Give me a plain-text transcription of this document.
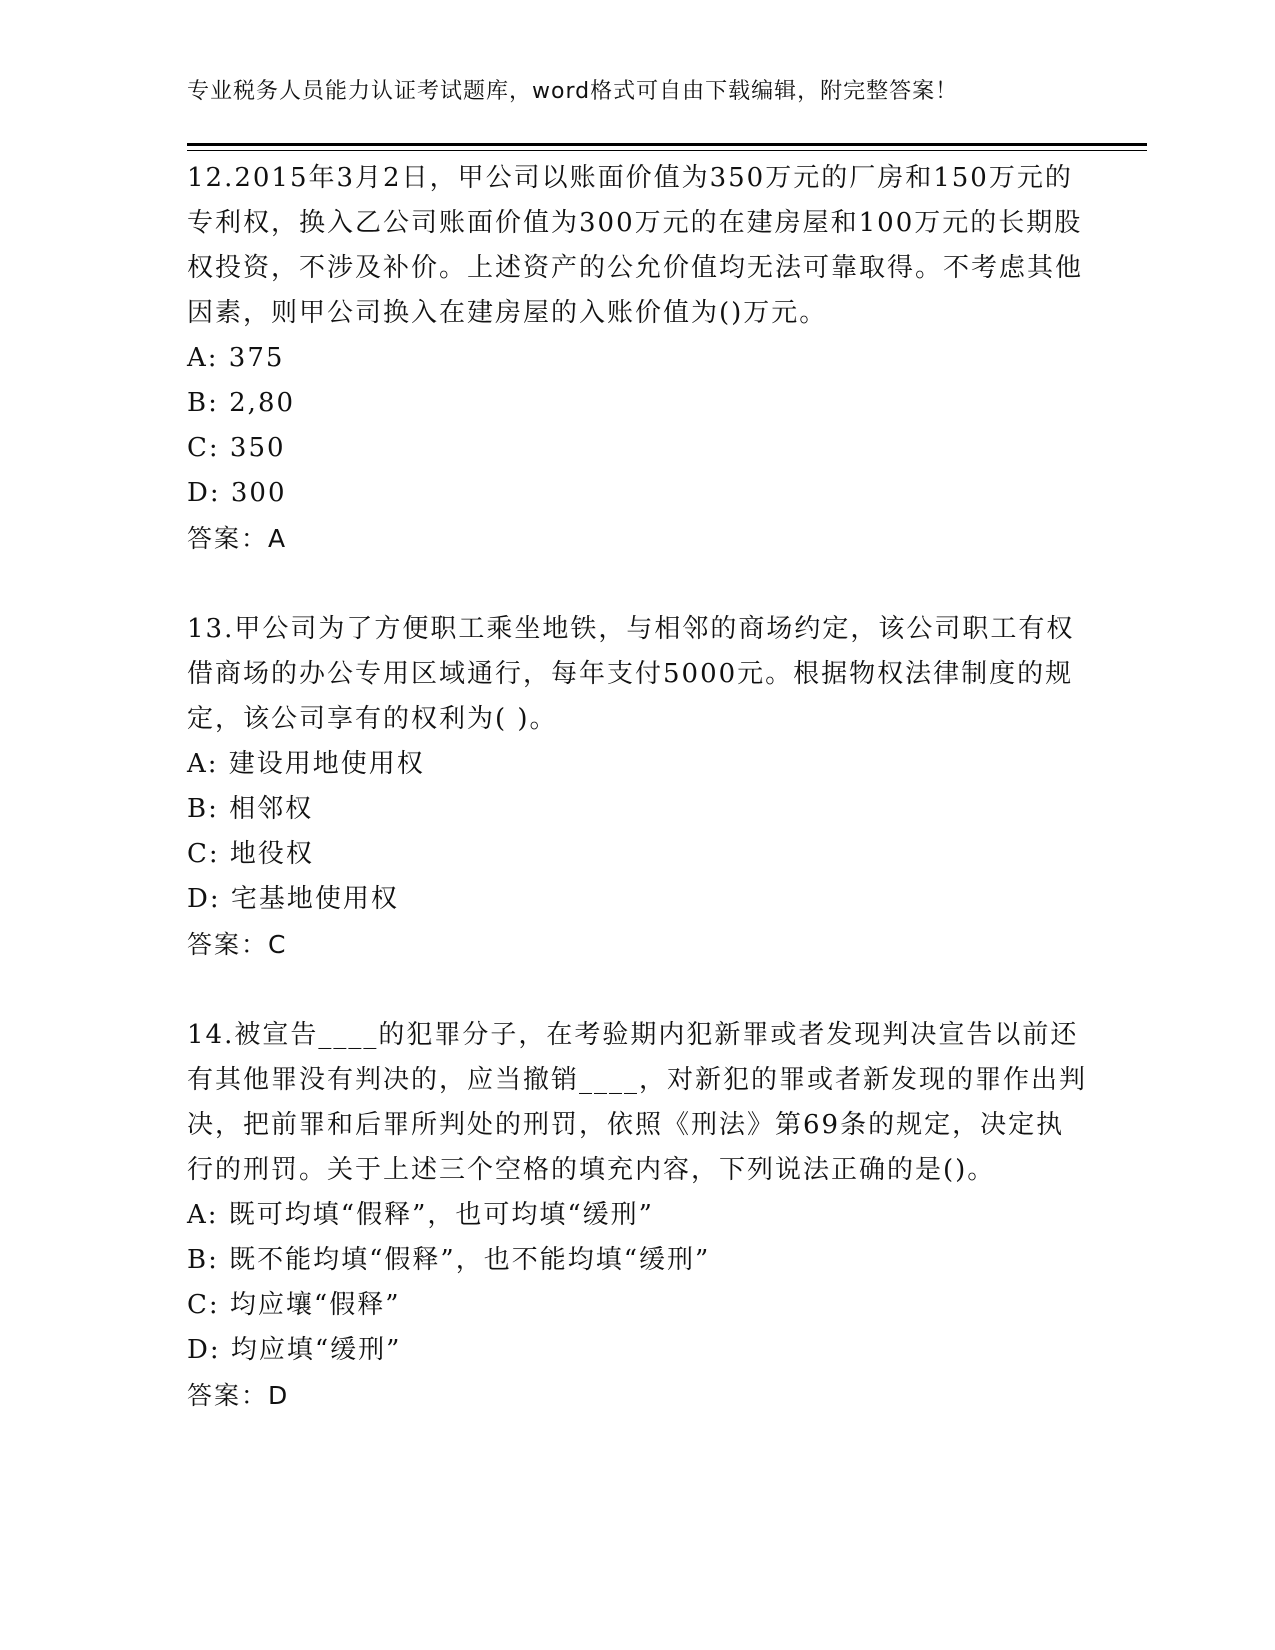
专业税务人员能力认证考试题库，word格式可自由下载编辑，附完整答案！

12.2015年3月2日，甲公司以账面价值为350万元的厂房和150万元的专利权，换入乙公司账面价值为300万元的在建房屋和100万元的长期股权投资，不涉及补价。上述资产的公允价值均无法可靠取得。不考虑其他因素，则甲公司换入在建房屋的入账价值为()万元。

A: 375

B: 2,80

C: 350

D: 300

答案：A

13.甲公司为了方便职工乘坐地铁，与相邻的商场约定，该公司职工有权借商场的办公专用区域通行，每年支付5000元。根据物权法律制度的规定，该公司享有的权利为( )。

A: 建设用地使用权

B: 相邻权

C: 地役权

D: 宅基地使用权

答案：C

14.被宣告____的犯罪分子，在考验期内犯新罪或者发现判决宣告以前还有其他罪没有判决的，应当撤销____，对新犯的罪或者新发现的罪作出判决，把前罪和后罪所判处的刑罚，依照《刑法》第69条的规定，决定执行的刑罚。关于上述三个空格的填充内容，下列说法正确的是()。

A: 既可均填“假释”，也可均填“缓刑”

B: 既不能均填“假释”，也不能均填“缓刑”

C: 均应壤“假释”

D: 均应填“缓刑”

答案：D
